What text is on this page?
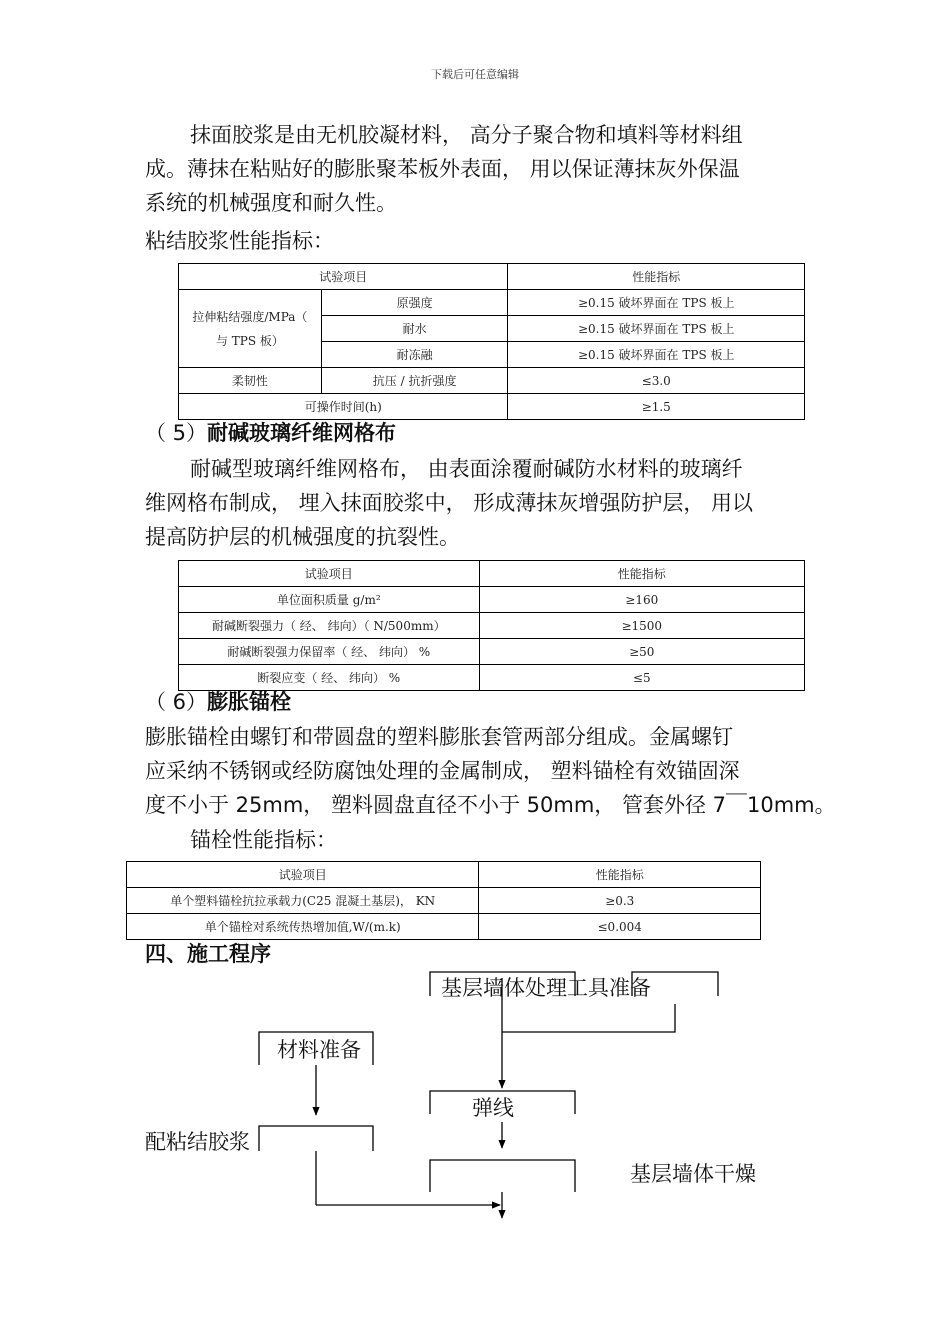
下载后可任意编辑
抹面胶浆是由无机胶凝材料， 高分子聚合物和填料等材料组
成。薄抹在粘贴好的膨胀聚苯板外表面， 用以保证薄抹灰外保温
系统的机械强度和耐久性。
粘结胶浆性能指标：
试验项目		性能指标
拉伸粘结强度/MPa（
与 TPS 板）	原强度	≥0.15 破坏界面在 TPS 板上
	耐水	≥0.15 破坏界面在 TPS 板上
	耐冻融	≥0.15 破坏界面在 TPS 板上
柔韧性	抗压 / 抗折强度	≤3.0
可操作时间(h)		≥1.5
（ 5）耐碱玻璃纤维网格布
耐碱型玻璃纤维网格布， 由表面涂覆耐碱防水材料的玻璃纤
维网格布制成， 埋入抹面胶浆中， 形成薄抹灰增强防护层， 用以
提高防护层的机械强度的抗裂性。
试验项目	性能指标
单位面积质量 g/m²	≥160
耐碱断裂强力（ 经、 纬向）（ N/500mm）	≥1500
耐碱断裂强力保留率（ 经、 纬向） %	≥50
断裂应变（ 经、 纬向） %	≤5
（ 6）膨胀锚栓
膨胀锚栓由螺钉和带圆盘的塑料膨胀套管两部分组成。金属螺钉
应采纳不锈钢或经防腐蚀处理的金属制成， 塑料锚栓有效锚固深
度不小于 25mm， 塑料圆盘直径不小于 50mm， 管套外径 7￣10mm。
锚栓性能指标：
试验项目	性能指标
单个塑料锚栓抗拉承载力(C25 混凝土基层)， KN	≥0.3
单个锚栓对系统传热增加值,W/(m.k)	≤0.004
四、施工程序
基层墙体处理工具准备
材料准备
弹线
配粘结胶浆
基层墙体干燥
